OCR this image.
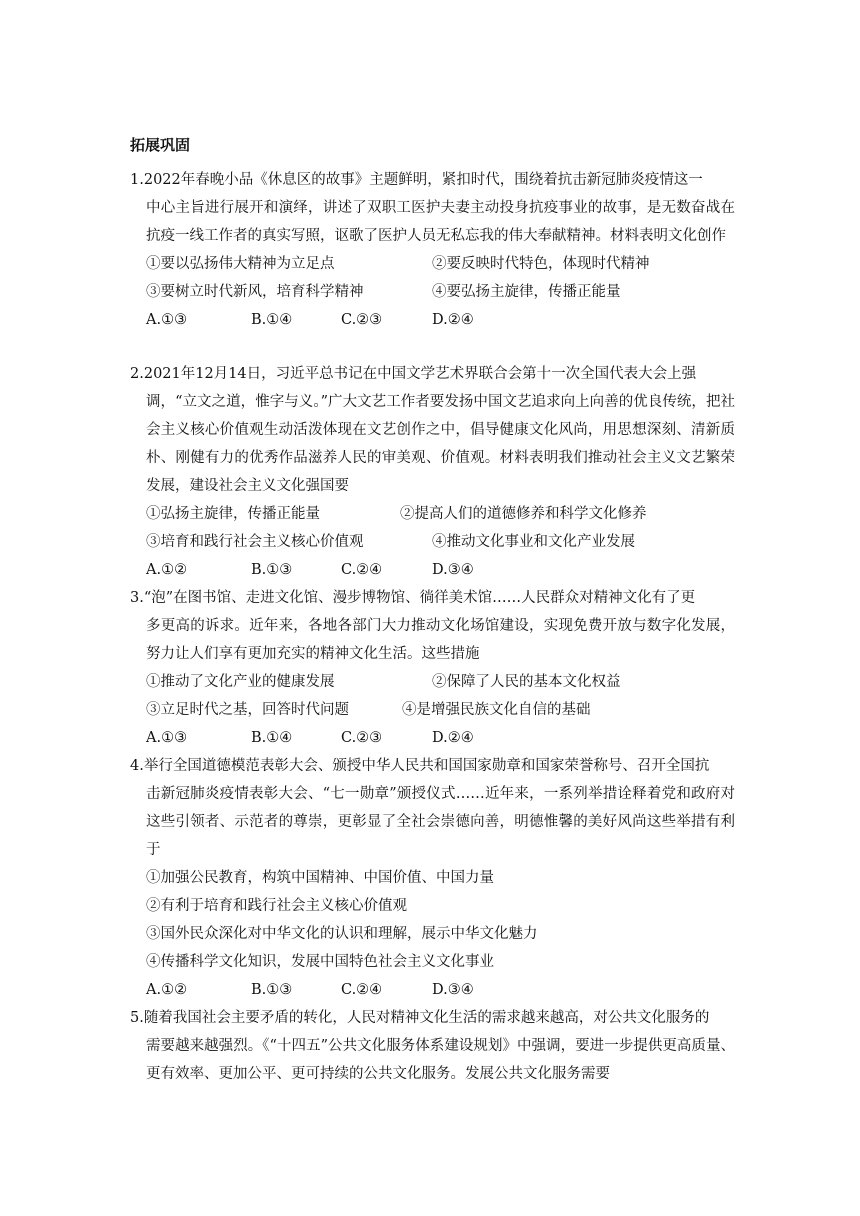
拓展巩固
1.2022年春晚小品《休息区的故事》主题鲜明，紧扣时代，围绕着抗击新冠肺炎疫情这一
中心主旨进行展开和演绎，讲述了双职工医护夫妻主动投身抗疫事业的故事，是无数奋战在抗疫一线工作者的真实写照，讴歌了医护人员无私忘我的伟大奉献精神。材料表明文化创作
①要以弘扬伟大精神为立足点	②要反映时代特色，体现时代精神
③要树立时代新风，培育科学精神	④要弘扬主旋律，传播正能量
A.①③	B.①④	C.②③	D.②④
2.2021年12月14日，习近平总书记在中国文学艺术界联合会第十一次全国代表大会上强
调，“立文之道，惟字与义。”广大文艺工作者要发扬中国文艺追求向上向善的优良传统，把社会主义核心价值观生动活泼体现在文艺创作之中，倡导健康文化风尚，用思想深刻、清新质朴、刚健有力的优秀作品滋养人民的审美观、价值观。材料表明我们推动社会主义文艺繁荣发展，建设社会主义文化强国要
①弘扬主旋律，传播正能量	②提高人们的道德修养和科学文化修养
③培育和践行社会主义核心价值观	④推动文化事业和文化产业发展
A.①②	B.①③	C.②④	D.③④
3.“泡”在图书馆、走进文化馆、漫步博物馆、徜徉美术馆……人民群众对精神文化有了更
多更高的诉求。近年来，各地各部门大力推动文化场馆建设，实现免费开放与数字化发展，努力让人们享有更加充实的精神文化生活。这些措施
①推动了文化产业的健康发展	②保障了人民的基本文化权益
③立足时代之基，回答时代问题	④是增强民族文化自信的基础
A.①③	B.①④	C.②③	D.②④
4.举行全国道德模范表彰大会、颁授中华人民共和国国家勋章和国家荣誉称号、召开全国抗
击新冠肺炎疫情表彰大会、“七一勋章”颁授仪式……近年来，一系列举措诠释着党和政府对这些引领者、示范者的尊崇，更彰显了全社会崇德向善，明德惟馨的美好风尚这些举措有利于
①加强公民教育，构筑中国精神、中国价值、中国力量
②有利于培育和践行社会主义核心价值观
③国外民众深化对中华文化的认识和理解，展示中华文化魅力
④传播科学文化知识，发展中国特色社会主义文化事业
A.①②	B.①③	C.②④	D.③④
5.随着我国社会主要矛盾的转化，人民对精神文化生活的需求越来越高，对公共文化服务的
需要越来越强烈。《“十四五”公共文化服务体系建设规划》中强调，要进一步提供更高质量、更有效率、更加公平、更可持续的公共文化服务。发展公共文化服务需要
